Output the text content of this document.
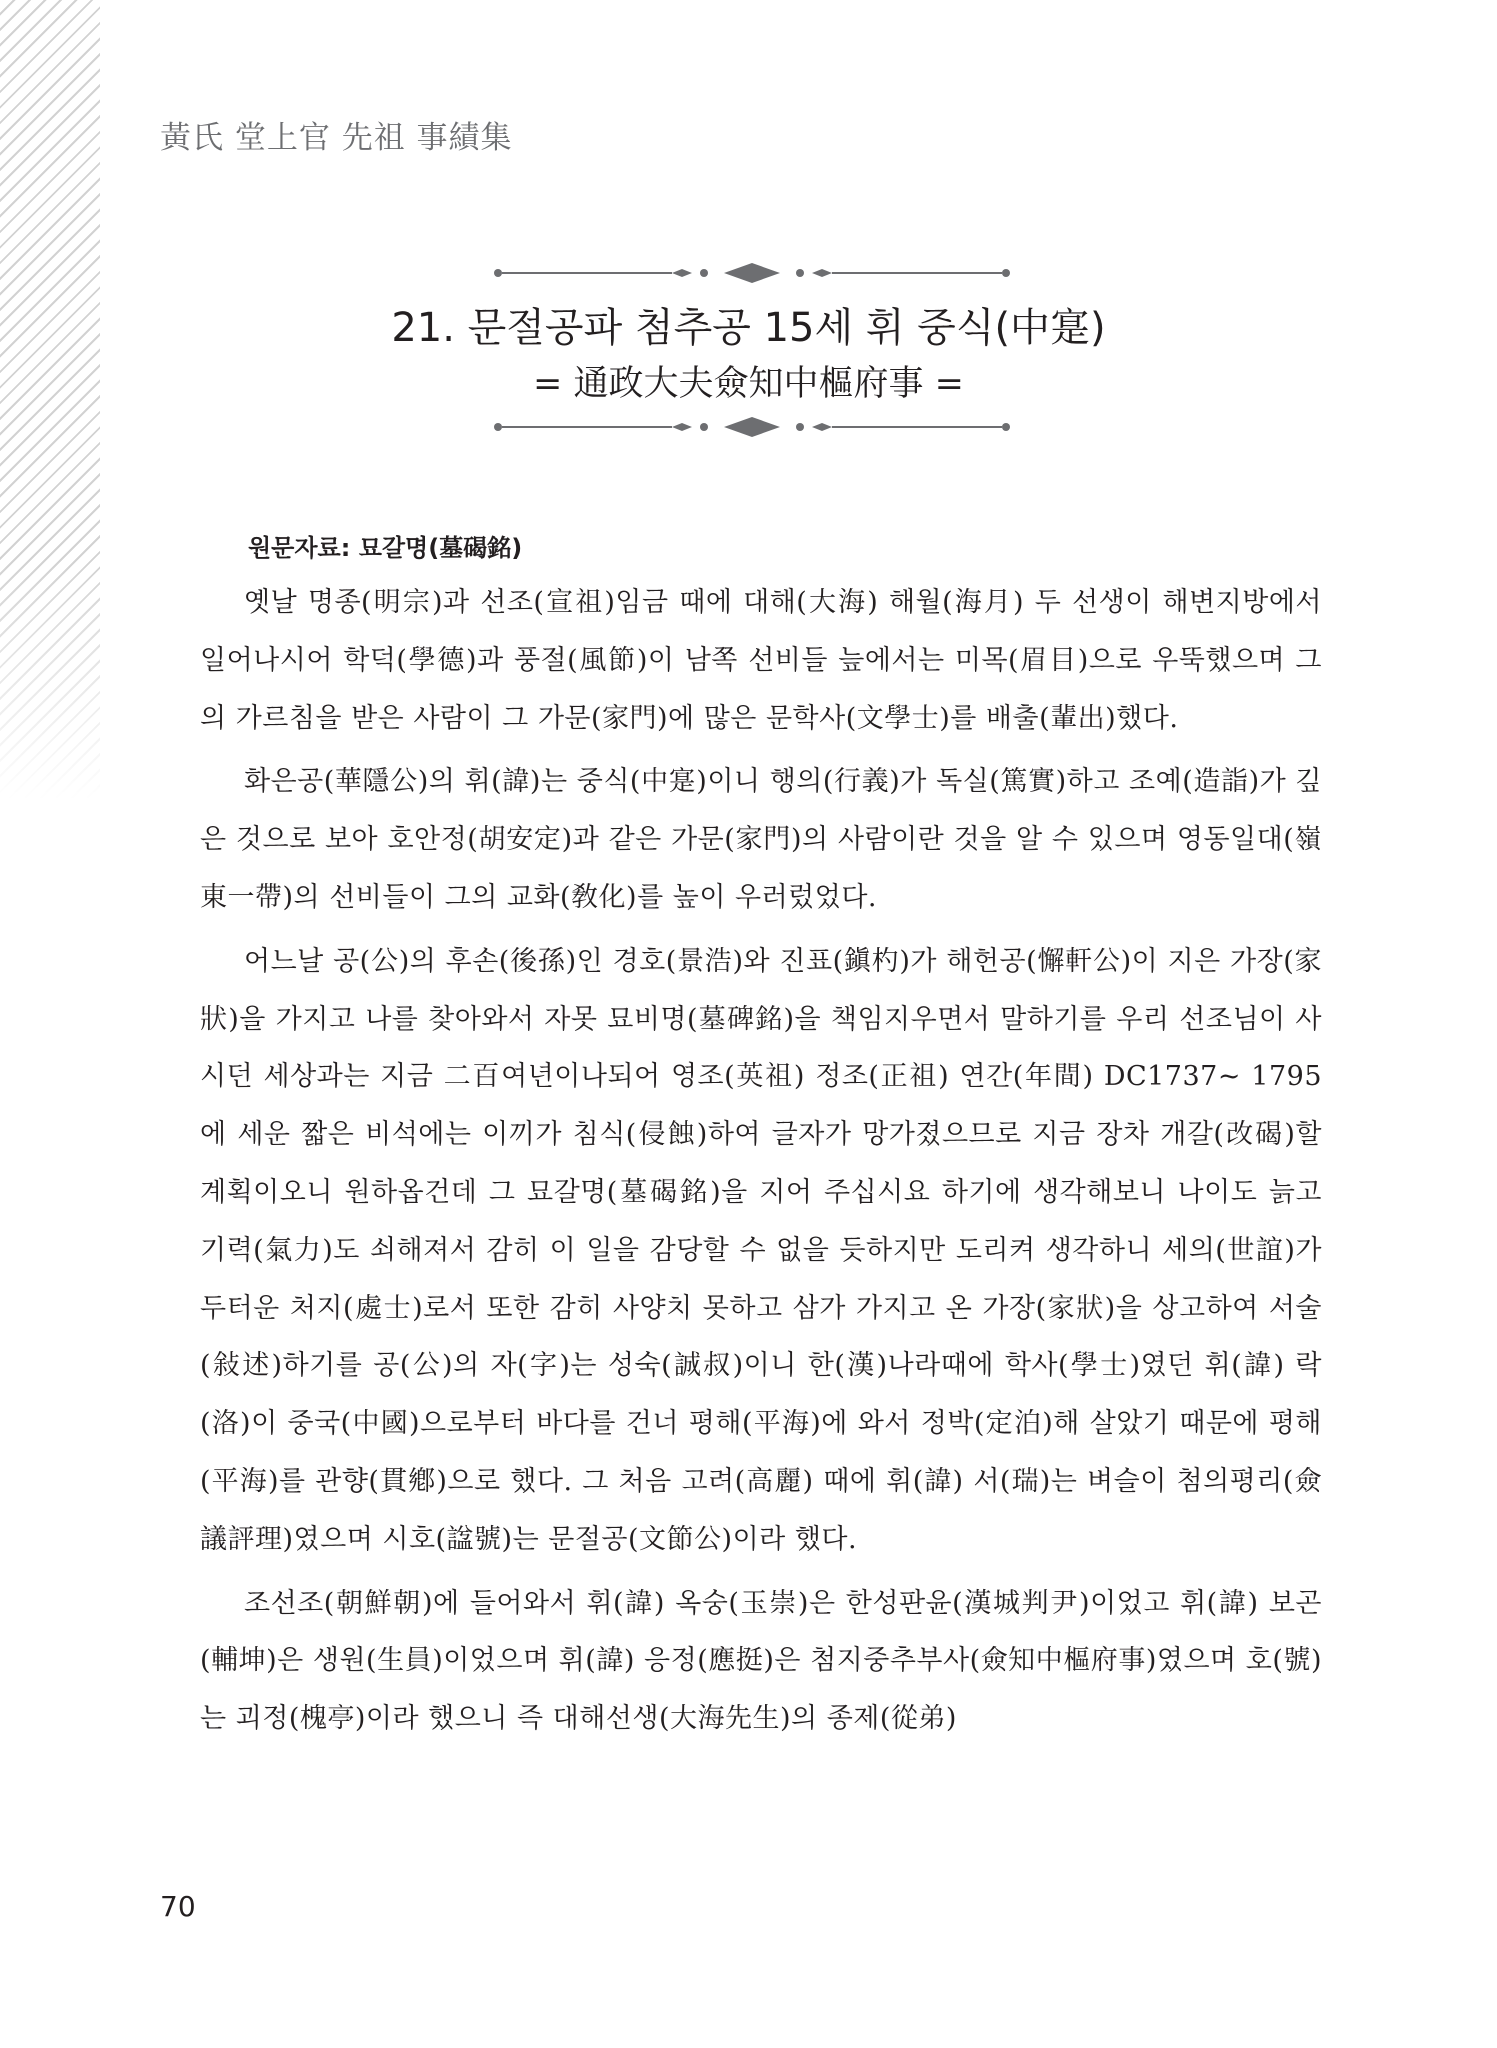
黃氏 堂上官 先祖 事績集
21. 문절공파 첨추공 15세 휘 중식(中寔)
= 通政大夫僉知中樞府事 =
원문자료: 묘갈명(墓碣銘)

옛날 명종(明宗)과 선조(宣祖)임금 때에 대해(大海) 해월(海月) 두 선생이 해변지방에서 일어나시어 학덕(學德)과 풍절(風節)이 남쪽 선비들 늪에서는 미목(眉目)으로 우뚝했으며 그의 가르침을 받은 사람이 그 가문(家門)에 많은 문학사(文學士)를 배출(輩出)했다.

화은공(華隱公)의 휘(諱)는 중식(中寔)이니 행의(行義)가 독실(篤實)하고 조예(造詣)가 깊은 것으로 보아 호안정(胡安定)과 같은 가문(家門)의 사람이란 것을 알 수 있으며 영동일대(嶺東一帶)의 선비들이 그의 교화(敎化)를 높이 우러렀었다.

어느날 공(公)의 후손(後孫)인 경호(景浩)와 진표(鎭杓)가 해헌공(懈軒公)이 지은 가장(家狀)을 가지고 나를 찾아와서 자못 묘비명(墓碑銘)을 책임지우면서 말하기를 우리 선조님이 사시던 세상과는 지금 二百여년이나되어 영조(英祖) 정조(正祖) 연간(年間) DC1737~ 1795에 세운 짧은 비석에는 이끼가 침식(侵蝕)하여 글자가 망가졌으므로 지금 장차 개갈(改碣)할 계획이오니 원하옵건데 그 묘갈명(墓碣銘)을 지어 주십시요 하기에 생각해보니 나이도 늙고 기력(氣力)도 쇠해져서 감히 이 일을 감당할 수 없을 듯하지만 도리켜 생각하니 세의(世誼)가 두터운 처지(處士)로서 또한 감히 사양치 못하고 삼가 가지고 온 가장(家狀)을 상고하여 서술(敍述)하기를 공(公)의 자(字)는 성숙(誠叔)이니 한(漢)나라때에 학사(學士)였던 휘(諱) 락(洛)이 중국(中國)으로부터 바다를 건너 평해(平海)에 와서 정박(定泊)해 살았기 때문에 평해(平海)를 관향(貫鄕)으로 했다. 그 처음 고려(高麗) 때에 휘(諱) 서(瑞)는 벼슬이 첨의평리(僉議評理)였으며 시호(諡號)는 문절공(文節公)이라 했다.

조선조(朝鮮朝)에 들어와서 휘(諱) 옥숭(玉崇)은 한성판윤(漢城判尹)이었고 휘(諱) 보곤(輔坤)은 생원(生員)이었으며 휘(諱) 응정(應挺)은 첨지중추부사(僉知中樞府事)였으며 호(號)는 괴정(槐亭)이라 했으니 즉 대해선생(大海先生)의 종제(從弟)

70
